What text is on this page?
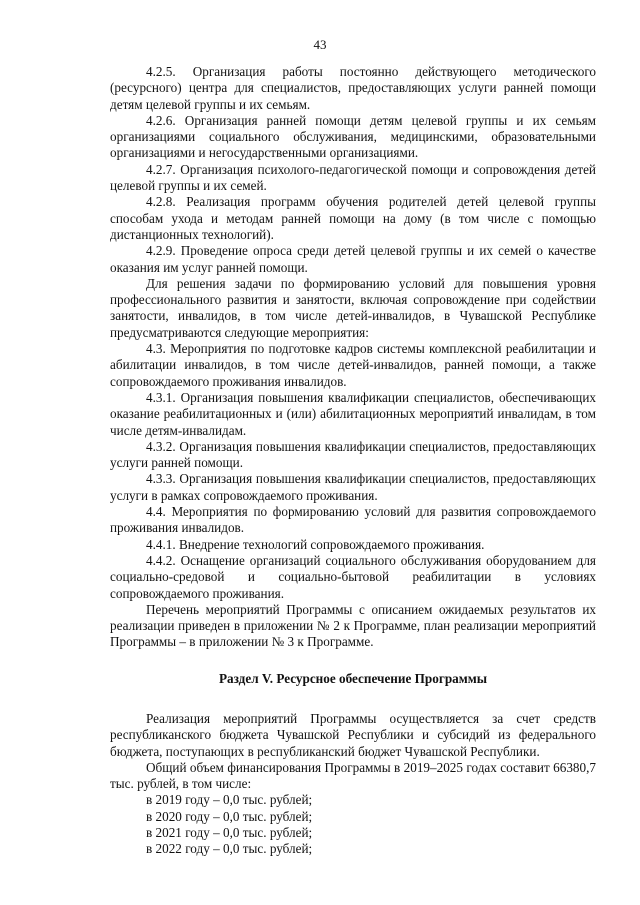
43

4.2.5. Организация работы постоянно действующего методического (ресурсного) центра для специалистов, предоставляющих услуги ранней помощи детям целевой группы и их семьям.

4.2.6. Организация ранней помощи детям целевой группы и их семьям организациями социального обслуживания, медицинскими, образовательными организациями и негосударственными организациями.

4.2.7. Организация психолого-педагогической помощи и сопровождения детей целевой группы и их семей.

4.2.8. Реализация программ обучения родителей детей целевой группы способам ухода и методам ранней помощи на дому (в том числе с помощью дистанционных технологий).

4.2.9. Проведение опроса среди детей целевой группы и их семей о качестве оказания им услуг ранней помощи.

Для решения задачи по формированию условий для повышения уровня профессионального развития и занятости, включая сопровождение при содействии занятости, инвалидов, в том числе детей-инвалидов, в Чувашской Республике предусматриваются следующие мероприятия:

4.3. Мероприятия по подготовке кадров системы комплексной реабилитации и абилитации инвалидов, в том числе детей-инвалидов, ранней помощи, а также сопровождаемого проживания инвалидов.

4.3.1. Организация повышения квалификации специалистов, обеспечивающих оказание реабилитационных и (или) абилитационных мероприятий инвалидам, в том числе детям-инвалидам.

4.3.2. Организация повышения квалификации специалистов, предоставляющих услуги ранней помощи.

4.3.3. Организация повышения квалификации специалистов, предоставляющих услуги в рамках сопровождаемого проживания.

4.4. Мероприятия по формированию условий для развития сопровождаемого проживания инвалидов.

4.4.1. Внедрение технологий сопровождаемого проживания.

4.4.2. Оснащение организаций социального обслуживания оборудованием для социально-средовой и социально-бытовой реабилитации в условиях сопровождаемого проживания.

Перечень мероприятий Программы с описанием ожидаемых результатов их реализации приведен в приложении № 2 к Программе, план реализации мероприятий Программы – в приложении № 3 к Программе.

Раздел V. Ресурсное обеспечение Программы

Реализация мероприятий Программы осуществляется за счет средств республиканского бюджета Чувашской Республики и субсидий из федерального бюджета, поступающих в республиканский бюджет Чувашской Республики.

Общий объем финансирования Программы в 2019–2025 годах составит 66380,7 тыс. рублей, в том числе:

в 2019 году – 0,0 тыс. рублей;
в 2020 году – 0,0 тыс. рублей;
в 2021 году – 0,0 тыс. рублей;
в 2022 году – 0,0 тыс. рублей;
